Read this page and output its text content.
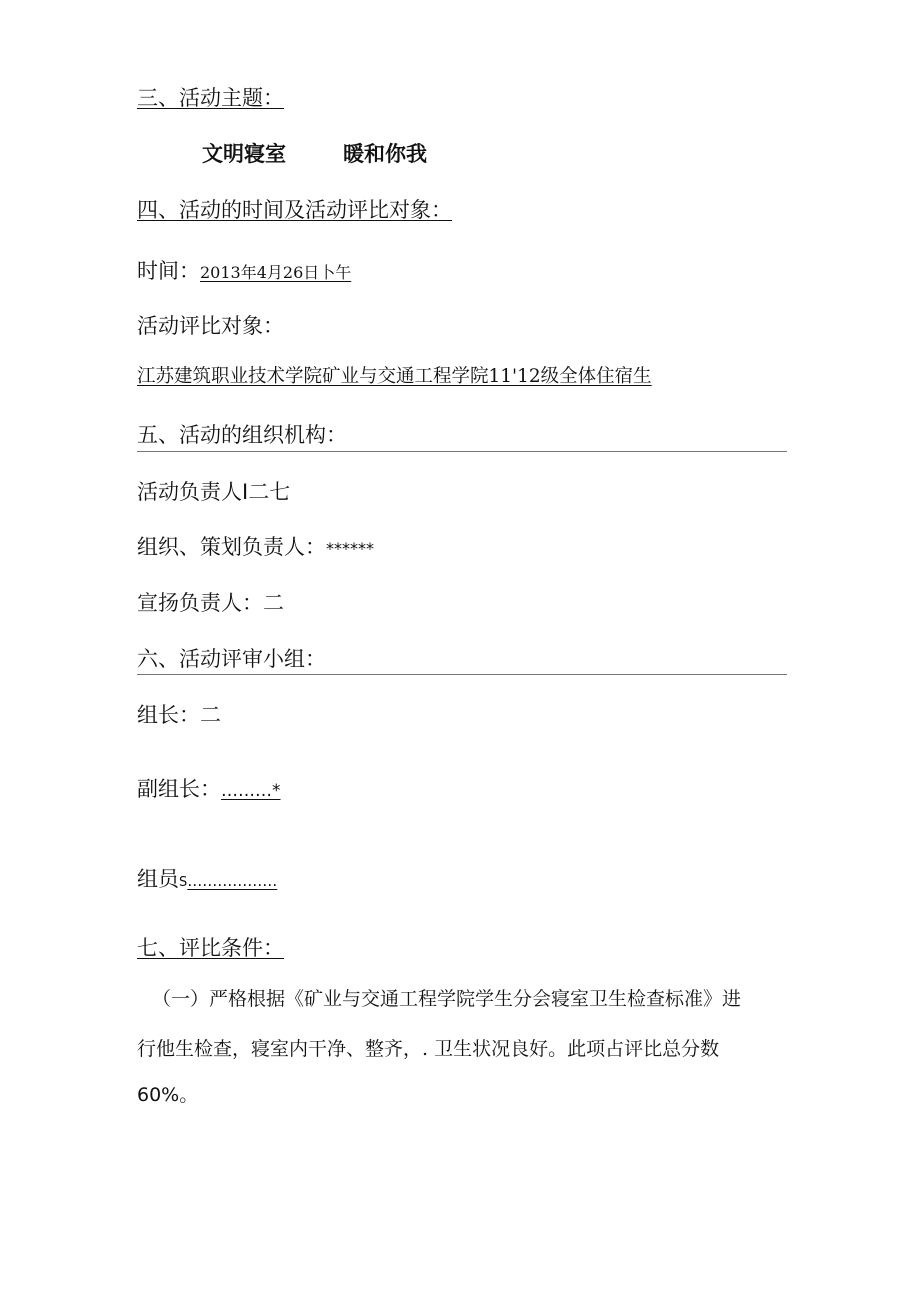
三、活动主题：
文明寝室	暖和你我
四、活动的时间及活动评比对象：
时间：2013年4月26日卜午
活动评比对象：
江苏建筑职业技术学院矿业与交通工程学院11'12级全体住宿生
五、活动的组织机构：
活动负责人I二七
组织、策划负责人：******
宣扬负责人：二
六、活动评审小组：
组长：二
副组长：………*
组员S………………
七、评比条件：
（一）严格根据《矿业与交通工程学院学生分会寝室卫生检查标准》进
行他生检查，寝室内干净、整齐，. 卫生状况良好。此项占评比总分数
60%。
